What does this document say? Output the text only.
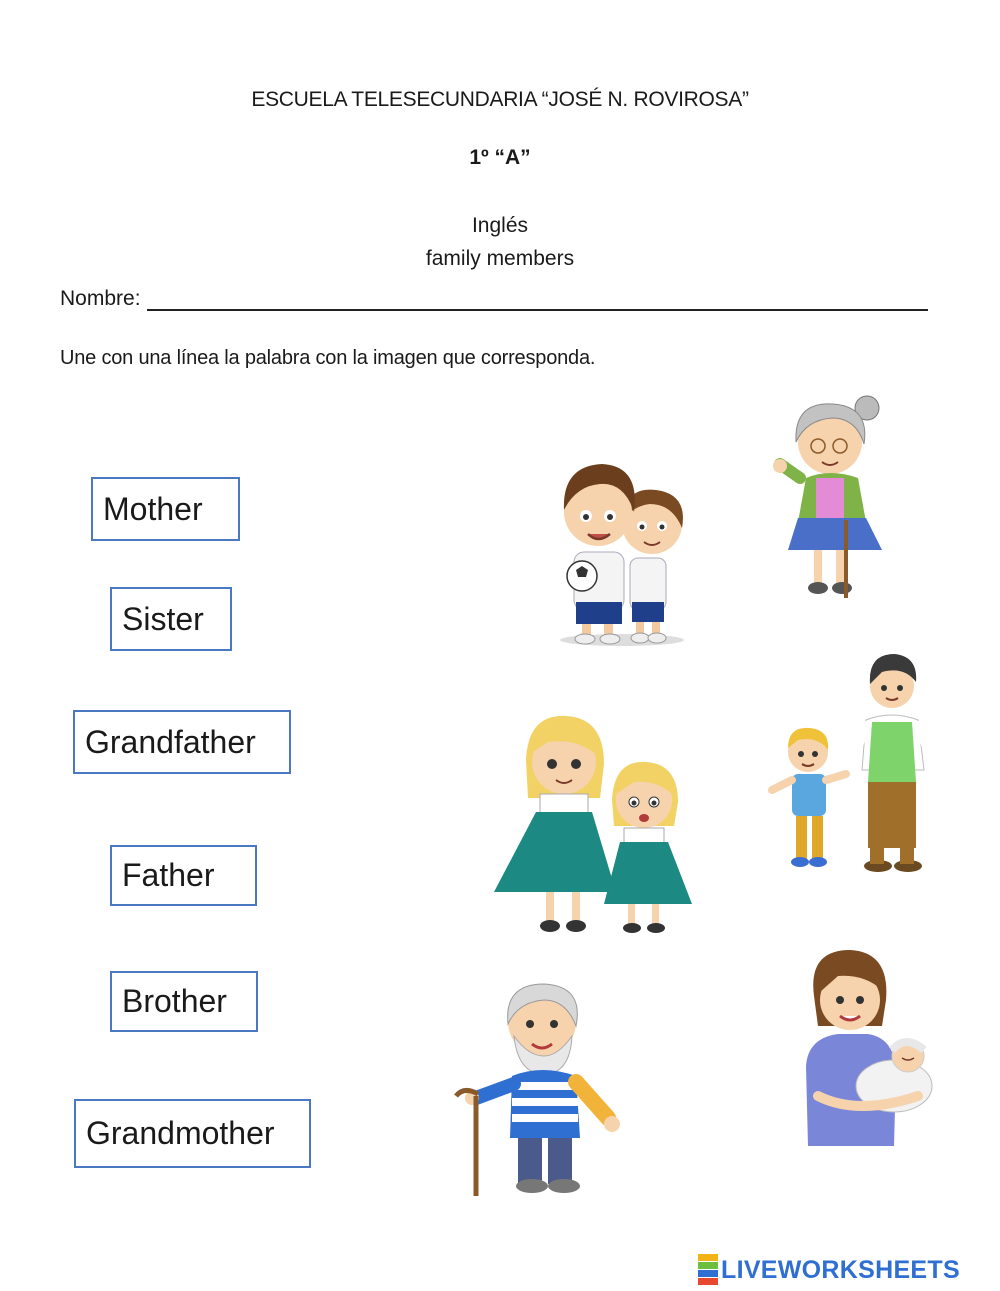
ESCUELA TELESECUNDARIA “JOSÉ N. ROVIROSA”
1º “A”
Inglés
family members
Nombre:
Une con una línea la palabra con la imagen que corresponda.
Mother
Sister
Grandfather
Father
Brother
Grandmother
LIVEWORKSHEETS
